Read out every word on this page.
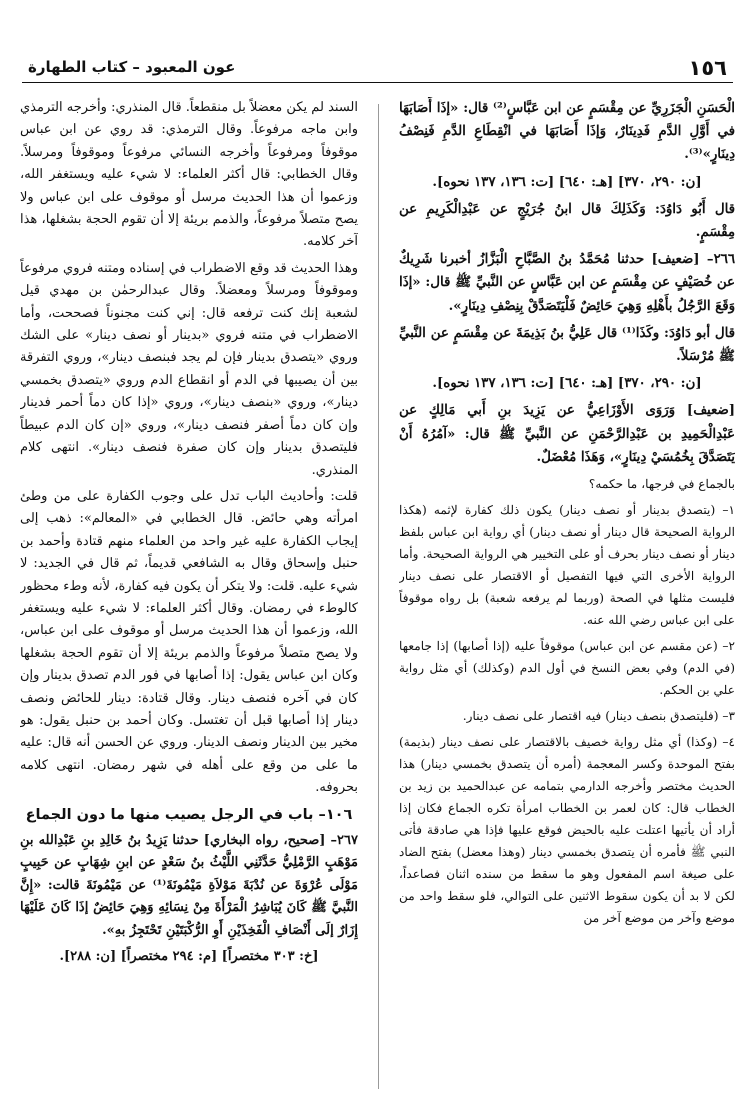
١٥٦
عون المعبود – كتاب الطهارة

الْحَسَنِ الْجَزَرِيِّ عن مِقْسَمٍ عن ابن عَبَّاسٍ⁽²⁾ قال: «إذَا أَصَابَهَا في أَوَّلِ الدَّمِ فَدِينَارٌ، وَإذَا أَصَابَهَا في انْقِطَاعِ الدَّمِ فَنِصْفُ دِينَارٍ»⁽³⁾.

[ن: ٢٩٠، ٣٧٠] [هـ: ٦٤٠] [ت: ١٣٦، ١٣٧ نحوه].

قال أَبُو دَاوُدَ: وَكَذَلِكَ قال ابنُ جُرَيْجٍ عن عَبْدِالْكَرِيمِ عن مِقْسَمٍ.

٢٦٦– [ضعيف] حدثنا مُحَمَّدُ بنُ الصَّبَّاحِ الْبَزَّازُ أخبرنا شَرِيكٌ عن خُصَيْفٍ عن مِقْسَمٍ عن ابن عَبَّاسٍ عن النَّبيِّ ﷺ قال: «إذَا وَقَعَ الرَّجُلُ بأَهْلِهِ وَهِيَ حَائِضٌ فَلْيَتَصَدَّقْ بِنِصْفِ دِينَارٍ».

قال أبو دَاوُدَ: وكَذَا⁽¹⁾ قال عَلِيُّ بنُ بَذِيمَةَ عن مِقْسَمٍ عن النَّبيِّ ﷺ مُرْسَلاً.

[ن: ٢٩٠، ٣٧٠] [هـ: ٦٤٠] [ت: ١٣٦، ١٣٧ نحوه].

[ضعيف] وَرَوَى الأَوْزَاعِيُّ عن يَزِيدَ بنِ أَبي مَالِكٍ عن عَبْدِالْحَمِيدِ بن عَبْدِالرَّحْمَنِ عن النَّبيِّ ﷺ قال: «آمُرُهُ أَنْ يَتَصَدَّقَ بِخُمُسَيْ دِينَارٍ»، وَهَذَا مُعْضَلٌ.

بالجماع في فرجها، ما حكمه؟

١– (يتصدق بدينار أو نصف دينار) يكون ذلك كفارة لإثمه (هكذا الرواية الصحيحة قال دينار أو نصف دينار) أي رواية ابن عباس بلفظ دينار أو نصف دينار بحرف أو على التخيير هي الرواية الصحيحة. وأما الرواية الأخرى التي فيها التفصيل أو الاقتصار على نصف دينار فليست مثلها في الصحة (وربما لم يرفعه شعبة) بل رواه موقوفاً على ابن عباس رضي الله عنه.

٢– (عن مقسم عن ابن عباس) موقوفاً عليه (إذا أصابها) إذا جامعها (في الدم) وفي بعض النسخ في أول الدم (وكذلك) أي مثل رواية علي بن الحكم.

٣– (فليتصدق بنصف دينار) فيه اقتصار على نصف دينار.

٤– (وكذا) أي مثل رواية خصيف بالاقتصار على نصف دينار (بذيمة) بفتح الموحدة وكسر المعجمة (أمره أن يتصدق بخمسي دينار) هذا الحديث مختصر وأخرجه الدارمي بتمامه عن عبدالحميد بن زيد بن الخطاب قال: كان لعمر بن الخطاب امرأة تكره الجماع فكان إذا أراد أن يأتيها اعتلت عليه بالحيض فوقع عليها فإذا هي صادقة فأتى النبي ﷺ فأمره أن يتصدق بخمسي دينار (وهذا معضل) بفتح الضاد على صيغة اسم المفعول وهو ما سقط من سنده اثنان فصاعداً، لكن لا بد أن يكون سقوط الاثنين على التوالي، فلو سقط واحد من موضع وآخر من موضع آخر من

السند لم يكن معضلاً بل منقطعاً. قال المنذري: وأخرجه الترمذي وابن ماجه مرفوعاً. وقال الترمذي: قد روي عن ابن عباس موقوفاً ومرفوعاً وأخرجه النسائي مرفوعاً وموقوفاً ومرسلاً. وقال الخطابي: قال أكثر العلماء: لا شيء عليه ويستغفر الله، وزعموا أن هذا الحديث مرسل أو موقوف على ابن عباس ولا يصح متصلاً مرفوعاً، والذمم بريئة إلا أن تقوم الحجة بشغلها، هذا آخر كلامه.

وهذا الحديث قد وقع الاضطراب في إسناده ومتنه فروي مرفوعاً وموقوفاً ومرسلاً ومعضلاً. وقال عبدالرحمٰن بن مهدي قيل لشعبة إنك كنت ترفعه قال: إني كنت مجنوناً فصححت، وأما الاضطراب في متنه فروي «بدينار أو نصف دينار» على الشك وروي «يتصدق بدينار فإن لم يجد فبنصف دينار»، وروي التفرقة بين أن يصيبها في الدم أو انقطاع الدم وروي «يتصدق بخمسي دينار»، وروي «بنصف دينار»، وروي «إذا كان دماً أحمر فدينار وإن كان دماً أصفر فنصف دينار»، وروي «إن كان الدم عبيطاً فليتصدق بدينار وإن كان صفرة فنصف دينار». انتهى كلام المنذري.

قلت: وأحاديث الباب تدل على وجوب الكفارة على من وطئ امرأته وهي حائض. قال الخطابي في «المعالم»: ذهب إلى إيجاب الكفارة عليه غير واحد من العلماء منهم قتادة وأحمد بن حنبل وإسحاق وقال به الشافعي قديماً، ثم قال في الجديد: لا شيء عليه. قلت: ولا يتكر أن يكون فيه كفارة، لأنه وطء محظور كالوطء في رمضان. وقال أكثر العلماء: لا شيء عليه ويستغفر الله، وزعموا أن هذا الحديث مرسل أو موقوف على ابن عباس، ولا يصح متصلاً مرفوعاً والذمم بريئة إلا أن تقوم الحجة بشغلها وكان ابن عباس يقول: إذا أصابها في فور الدم تصدق بدينار وإن كان في آخره فنصف دينار. وقال قتادة: دينار للحائض ونصف دينار إذا أصابها قبل أن تغتسل. وكان أحمد بن حنبل يقول: هو مخير بين الدينار ونصف الدينار. وروي عن الحسن أنه قال: عليه ما على من وقع على أهله في شهر رمضان. انتهى كلامه بحروفه.

١٠٦– باب في الرجل يصيب منها ما دون الجماع

٢٦٧– [صحيح، رواه البخاري] حدثنا يَزِيدُ بنُ خَالِدِ بنِ عَبْدِالله بنِ مَوْهَبٍ الرَّمْلِيُّ حَدَّثَنِي اللَّيْثُ بنُ سَعْدٍ عن ابنِ شِهَابٍ عن حَبِيبٍ مَوْلَى عُرْوَةَ عن نُدْبَةَ مَوْلاَةِ مَيْمُونَةَ⁽¹⁾ عن مَيْمُونَةَ قالت: «إِنَّ النَّبيَّ ﷺ كَانَ يُبَاشِرُ الْمَرْأَةَ مِنْ نِسَائِهِ وَهِيَ حَائِضٌ إذَا كَانَ عَلَيْهَا إِزَارٌ إلَى أَنْصَافِ الْفَخِذَيْنِ أَوِ الرُّكْبَتَيْنِ تَحْتَجِزُ بهِ».

[خ: ٣٠٣ مختصراً] [م: ٢٩٤ مختصراً] [ن: ٢٨٨].
